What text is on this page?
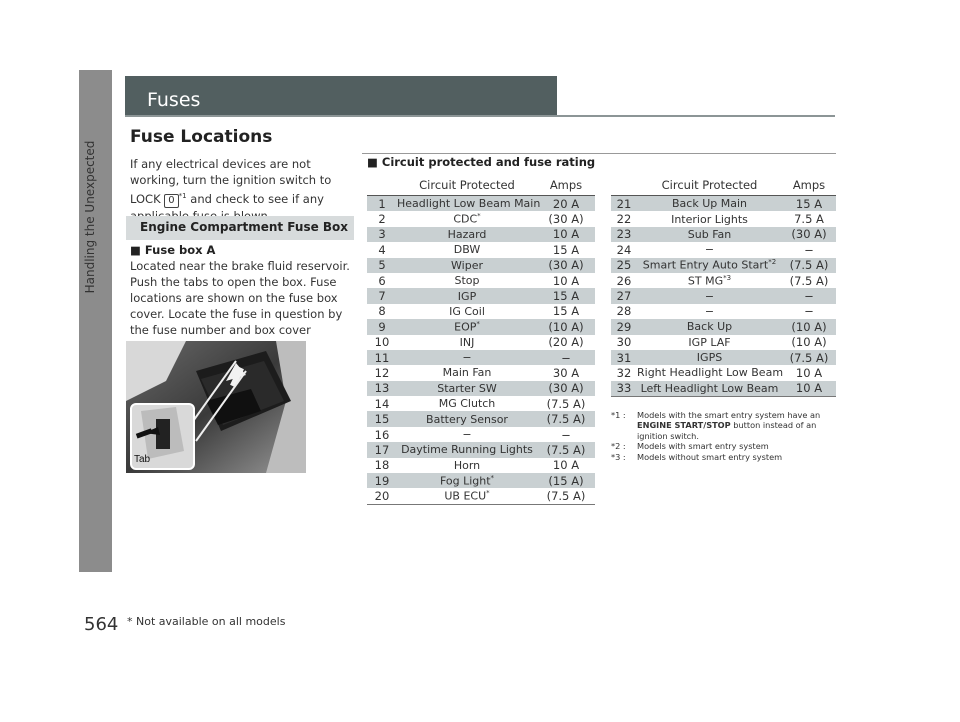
Handling the Unexpected
Fuses
Fuse Locations
If any electrical devices are not working, turn the ignition switch to LOCK 0 $^{*1}$ and check to see if any
Engine Compartment Fuse Box
■ Fuse box A
Located near the brake fluid reservoir. Push the tabs to open the box. Fuse locations are shown on the fuse box cover. Locate the fuse in question by the fuse number and box cover
Tab
■ Circuit protected and fuse rating
	Circuit Protected	Amps
1	Headlight Low Beam Main	20 A
2	CDC*	(30 A)
3	Hazard	10 A
4	DBW	15 A
5	Wiper	(30 A)
6	Stop	10 A
7	IGP	15 A
8	IG Coil	15 A
9	EOP*	(10 A)
10	INJ	(20 A)
11	−	−
12	Main Fan	30 A
13	Starter SW	(30 A)
14	MG Clutch	(7.5 A)
15	Battery Sensor	(7.5 A)
16	−	−
17	Daytime Running Lights	(7.5 A)
18	Horn	10 A
19	Fog Light*	(15 A)
20	UB ECU*	(7.5 A)
	Circuit Protected	Amps
21	Back Up Main	15 A
22	Interior Lights	7.5 A
23	Sub Fan	(30 A)
24	−	−
25	Smart Entry Auto Start$^{*2}$	(7.5 A)
26	ST MG$^{*3}$	(7.5 A)
27	−	−
28	−	−
29	Back Up	(10 A)
30	IGP LAF	(10 A)
31	IGPS	(7.5 A)
32	Right Headlight Low Beam	10 A
33	Left Headlight Low Beam	10 A
*1 : Models with the smart entry system have an ENGINE START/STOP button instead of an ignition switch.
*2 : Models with smart entry system
*3 : Models without smart entry system
564 * Not available on all models
